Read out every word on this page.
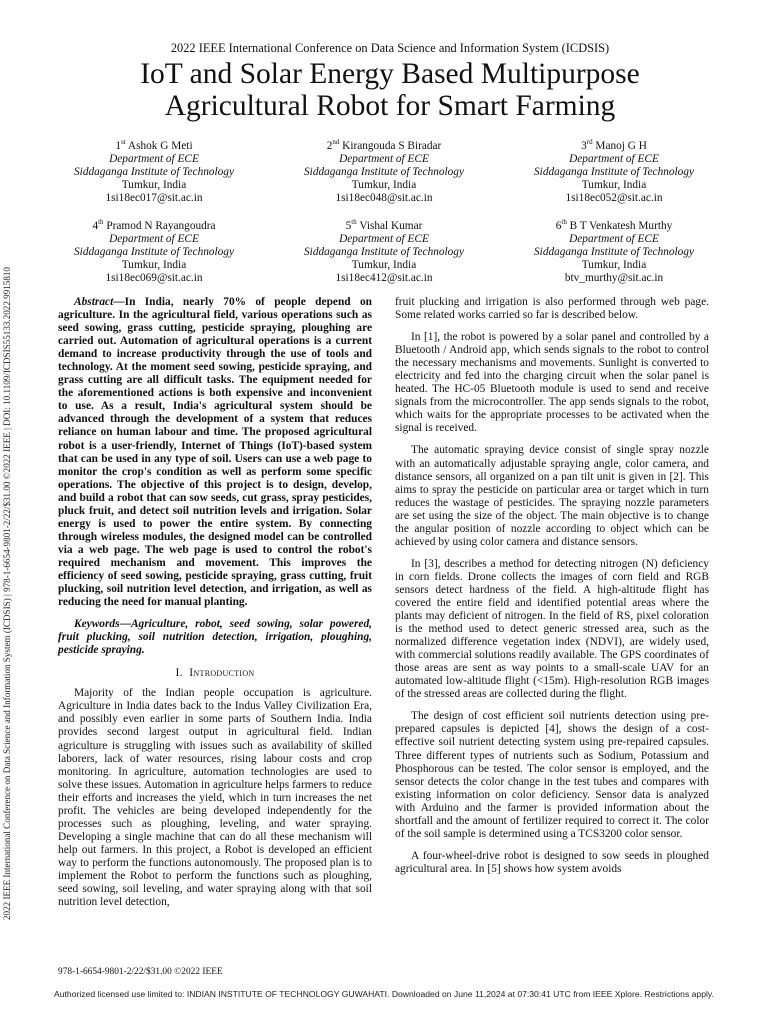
2022 IEEE International Conference on Data Science and Information System (ICDSIS) | 978-1-6654-9801-2/22/$31.00 ©2022 IEEE | DOI: 10.1109/ICDSIS55133.2022.9915810
2022 IEEE International Conference on Data Science and Information System (ICDSIS)
IoT and Solar Energy Based Multipurpose
Agricultural Robot for Smart Farming
1st Ashok G Meti
Department of ECE
Siddaganga Institute of Technology
Tumkur, India
1si18ec017@sit.ac.in
2nd Kirangouda S Biradar
Department of ECE
Siddaganga Institute of Technology
Tumkur, India
1si18ec048@sit.ac.in
3rd Manoj G H
Department of ECE
Siddaganga Institute of Technology
Tumkur, India
1si18ec052@sit.ac.in
4th Pramod N Rayangoudra
Department of ECE
Siddaganga Institute of Technology
Tumkur, India
1si18ec069@sit.ac.in
5th Vishal Kumar
Department of ECE
Siddaganga Institute of Technology
Tumkur, India
1si18ec412@sit.ac.in
6th B T Venkatesh Murthy
Department of ECE
Siddaganga Institute of Technology
Tumkur, India
btv_murthy@sit.ac.in

Abstract—In India, nearly 70% of people depend on agriculture. In the agricultural field, various operations such as seed sowing, grass cutting, pesticide spraying, ploughing are carried out. Automation of agricultural operations is a current demand to increase productivity through the use of tools and technology. At the moment seed sowing, pesticide spraying, and grass cutting are all difficult tasks. The equipment needed for the aforementioned actions is both expensive and inconvenient to use. As a result, India's agricultural system should be advanced through the development of a system that reduces reliance on human labour and time. The proposed agricultural robot is a user-friendly, Internet of Things (IoT)-based system that can be used in any type of soil. Users can use a web page to monitor the crop's condition as well as perform some specific operations. The objective of this project is to design, develop, and build a robot that can sow seeds, cut grass, spray pesticides, pluck fruit, and detect soil nutrition levels and irrigation. Solar energy is used to power the entire system. By connecting through wireless modules, the designed model can be controlled via a web page. The web page is used to control the robot's required mechanism and movement. This improves the efficiency of seed sowing, pesticide spraying, grass cutting, fruit plucking, soil nutrition level detection, and irrigation, as well as reducing the need for manual planting.

Keywords—Agriculture, robot, seed sowing, solar powered, fruit plucking, soil nutrition detection, irrigation, ploughing, pesticide spraying.

I. Introduction

Majority of the Indian people occupation is agriculture. Agriculture in India dates back to the Indus Valley Civilization Era, and possibly even earlier in some parts of Southern India. India provides second largest output in agricultural field. Indian agriculture is struggling with issues such as availability of skilled laborers, lack of water resources, rising labour costs and crop monitoring. In agriculture, automation technologies are used to solve these issues. Automation in agriculture helps farmers to reduce their efforts and increases the yield, which in turn increases the net profit. The vehicles are being developed independently for the processes such as ploughing, leveling, and water spraying. Developing a single machine that can do all these mechanism will help out farmers. In this project, a Robot is developed an efficient way to perform the functions autonomously. The proposed plan is to implement the Robot to perform the functions such as ploughing, seed sowing, soil leveling, and water spraying along with that soil nutrition level detection,

fruit plucking and irrigation is also performed through web page. Some related works carried so far is described below.

In [1], the robot is powered by a solar panel and controlled by a Bluetooth / Android app, which sends signals to the robot to control the necessary mechanisms and movements. Sunlight is converted to electricity and fed into the charging circuit when the solar panel is heated. The HC-05 Bluetooth module is used to send and receive signals from the microcontroller. The app sends signals to the robot, which waits for the appropriate processes to be activated when the signal is received.

The automatic spraying device consist of single spray nozzle with an automatically adjustable spraying angle, color camera, and distance sensors, all organized on a pan tilt unit is given in [2]. This aims to spray the pesticide on particular area or target which in turn reduces the wastage of pesticides. The spraying nozzle parameters are set using the size of the object. The main objective is to change the angular position of nozzle according to object which can be achieved by using color camera and distance sensors.

In [3], describes a method for detecting nitrogen (N) deficiency in corn fields. Drone collects the images of corn field and RGB sensors detect hardness of the field. A high-altitude flight has covered the entire field and identified potential areas where the plants may deficient of nitrogen. In the field of RS, pixel coloration is the method used to detect generic stressed area, such as the normalized difference vegetation index (NDVI), are widely used, with commercial solutions readily available. The GPS coordinates of those areas are sent as way points to a small-scale UAV for an automated low-altitude flight (<15m). High-resolution RGB images of the stressed areas are collected during the flight.

The design of cost efficient soil nutrients detection using pre-prepared capsules is depicted [4], shows the design of a cost-effective soil nutrient detecting system using pre-repaired capsules. Three different types of nutrients such as Sodium, Potassium and Phosphorous can be tested. The color sensor is employed, and the sensor detects the color change in the test tubes and compares with existing information on color deficiency. Sensor data is analyzed with Arduino and the farmer is provided information about the shortfall and the amount of fertilizer required to correct it. The color of the soil sample is determined using a TCS3200 color sensor.

A four-wheel-drive robot is designed to sow seeds in ploughed agricultural area. In [5] shows how system avoids

978-1-6654-9801-2/22/$31.00 ©2022 IEEE
Authorized licensed use limited to: INDIAN INSTITUTE OF TECHNOLOGY GUWAHATI. Downloaded on June 11,2024 at 07:30:41 UTC from IEEE Xplore. Restrictions apply.
